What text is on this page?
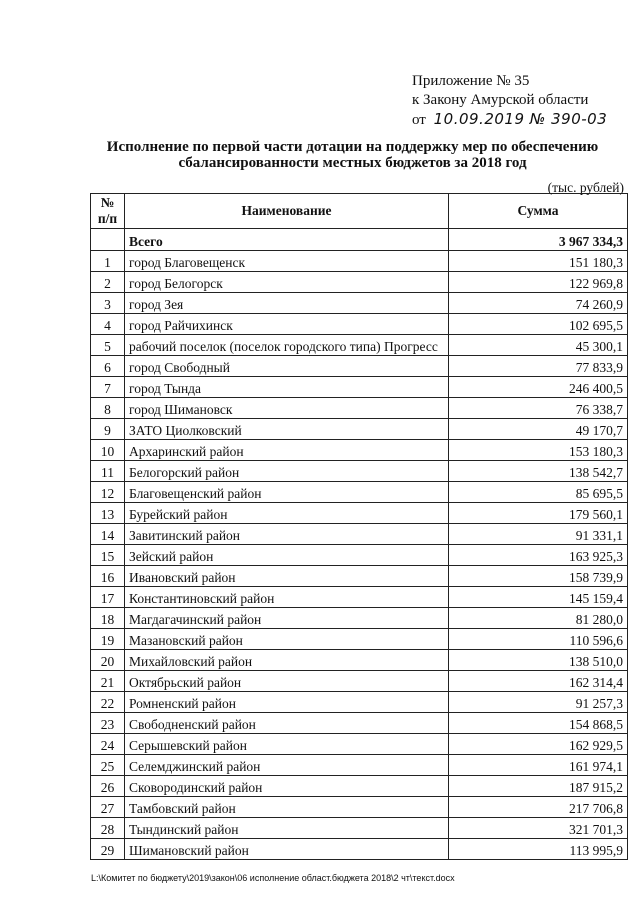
Приложение № 35
к Закону Амурской области
от 10.09.2019 № 390-03
Исполнение по первой части дотации на поддержку мер по обеспечению сбалансированности местных бюджетов за 2018 год
(тыс. рублей)
№ п/п	Наименование	Сумма
	Всего	3 967 334,3
1	город Благовещенск	151 180,3
2	город Белогорск	122 969,8
3	город Зея	74 260,9
4	город Райчихинск	102 695,5
5	рабочий поселок (поселок городского типа) Прогресс	45 300,1
6	город Свободный	77 833,9
7	город Тында	246 400,5
8	город Шимановск	76 338,7
9	ЗАТО Циолковский	49 170,7
10	Архаринский район	153 180,3
11	Белогорский район	138 542,7
12	Благовещенский район	85 695,5
13	Бурейский район	179 560,1
14	Завитинский район	91 331,1
15	Зейский район	163 925,3
16	Ивановский район	158 739,9
17	Константиновский район	145 159,4
18	Магдагачинский район	81 280,0
19	Мазановский район	110 596,6
20	Михайловский район	138 510,0
21	Октябрьский район	162 314,4
22	Ромненский район	91 257,3
23	Свободненский район	154 868,5
24	Серышевский район	162 929,5
25	Селемджинский район	161 974,1
26	Сковородинский район	187 915,2
27	Тамбовский район	217 706,8
28	Тындинский район	321 701,3
29	Шимановский район	113 995,9
L:\Комитет по бюджету\2019\закон\06 исполнение област.бюджета 2018\2 чт\текст.docx
